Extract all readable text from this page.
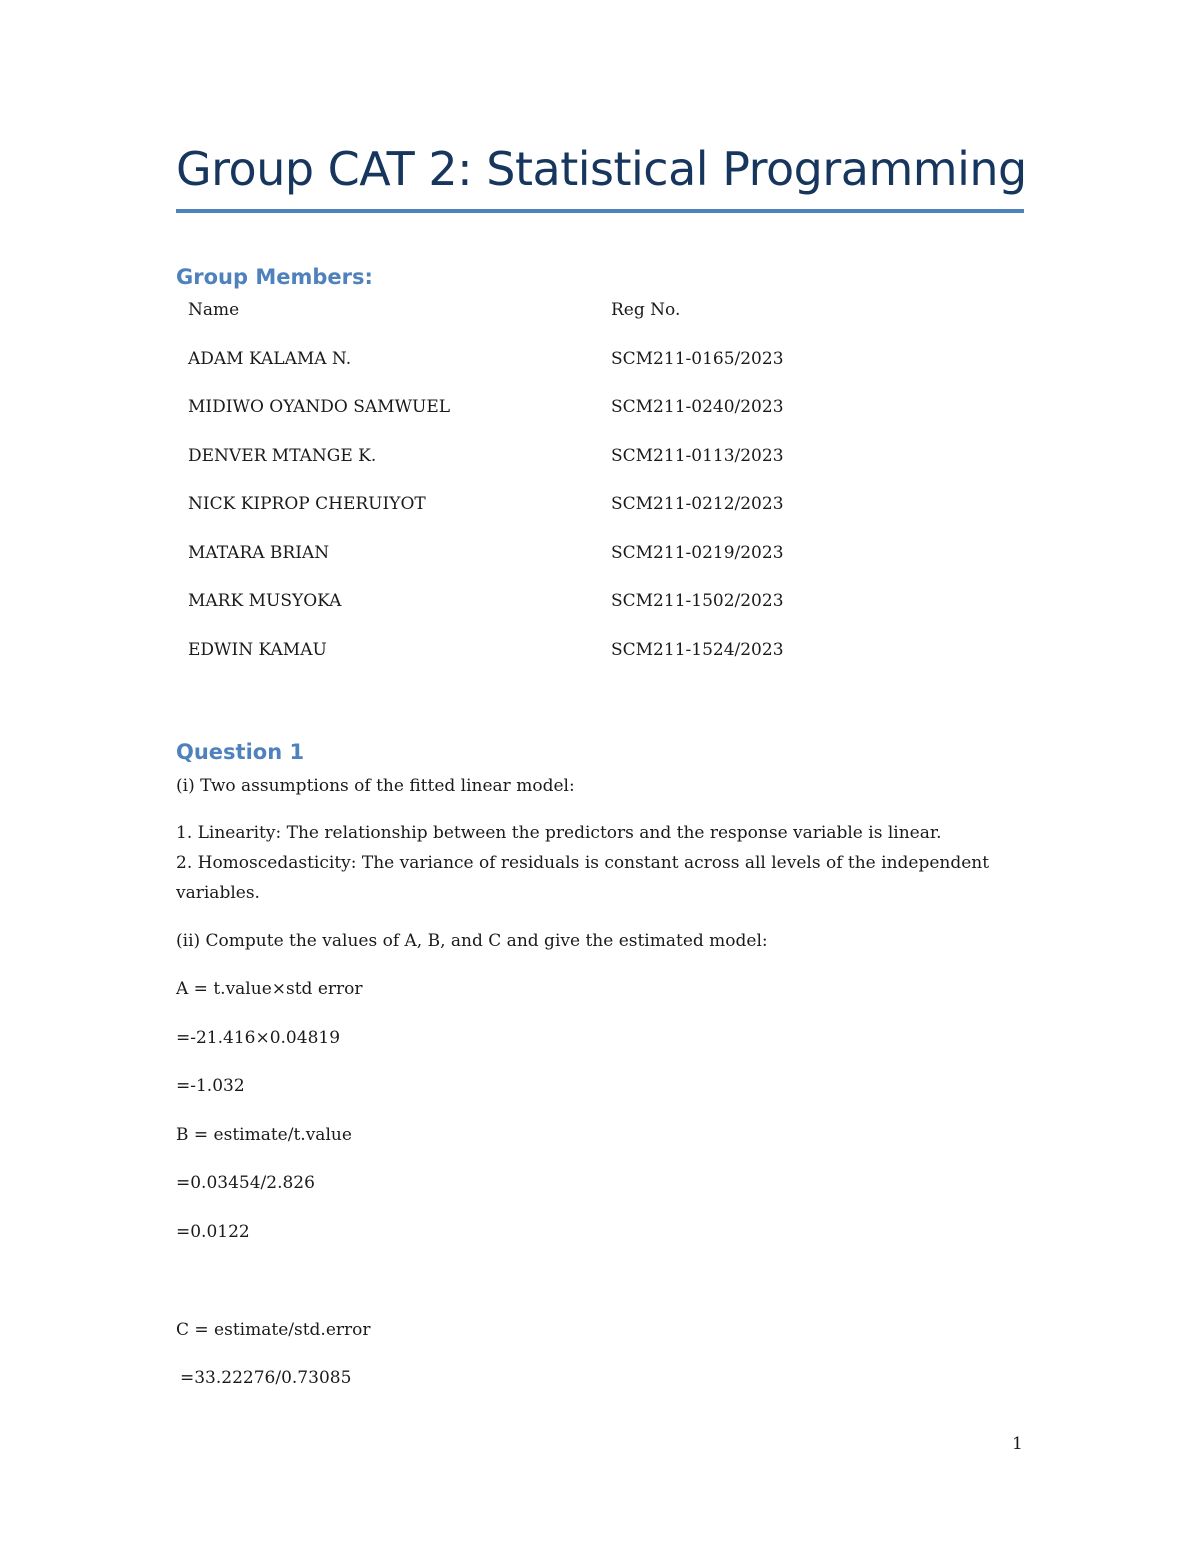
Group CAT 2: Statistical Programming
Group Members:
Name	Reg No.
ADAM KALAMA N.	SCM211-0165/2023
MIDIWO OYANDO SAMWUEL	SCM211-0240/2023
DENVER MTANGE K.	SCM211-0113/2023
NICK KIPROP CHERUIYOT	SCM211-0212/2023
MATARA BRIAN	SCM211-0219/2023
MARK MUSYOKA	SCM211-1502/2023
EDWIN KAMAU	SCM211-1524/2023
Question 1
(i) Two assumptions of the fitted linear model:
1. Linearity: The relationship between the predictors and the response variable is linear.
2. Homoscedasticity: The variance of residuals is constant across all levels of the independent variables.
(ii) Compute the values of A, B, and C and give the estimated model:
A = t.value×std error
=-21.416×0.04819
=-1.032
B = estimate/t.value
=0.03454/2.826
=0.0122
C = estimate/std.error
=33.22276/0.73085
1
